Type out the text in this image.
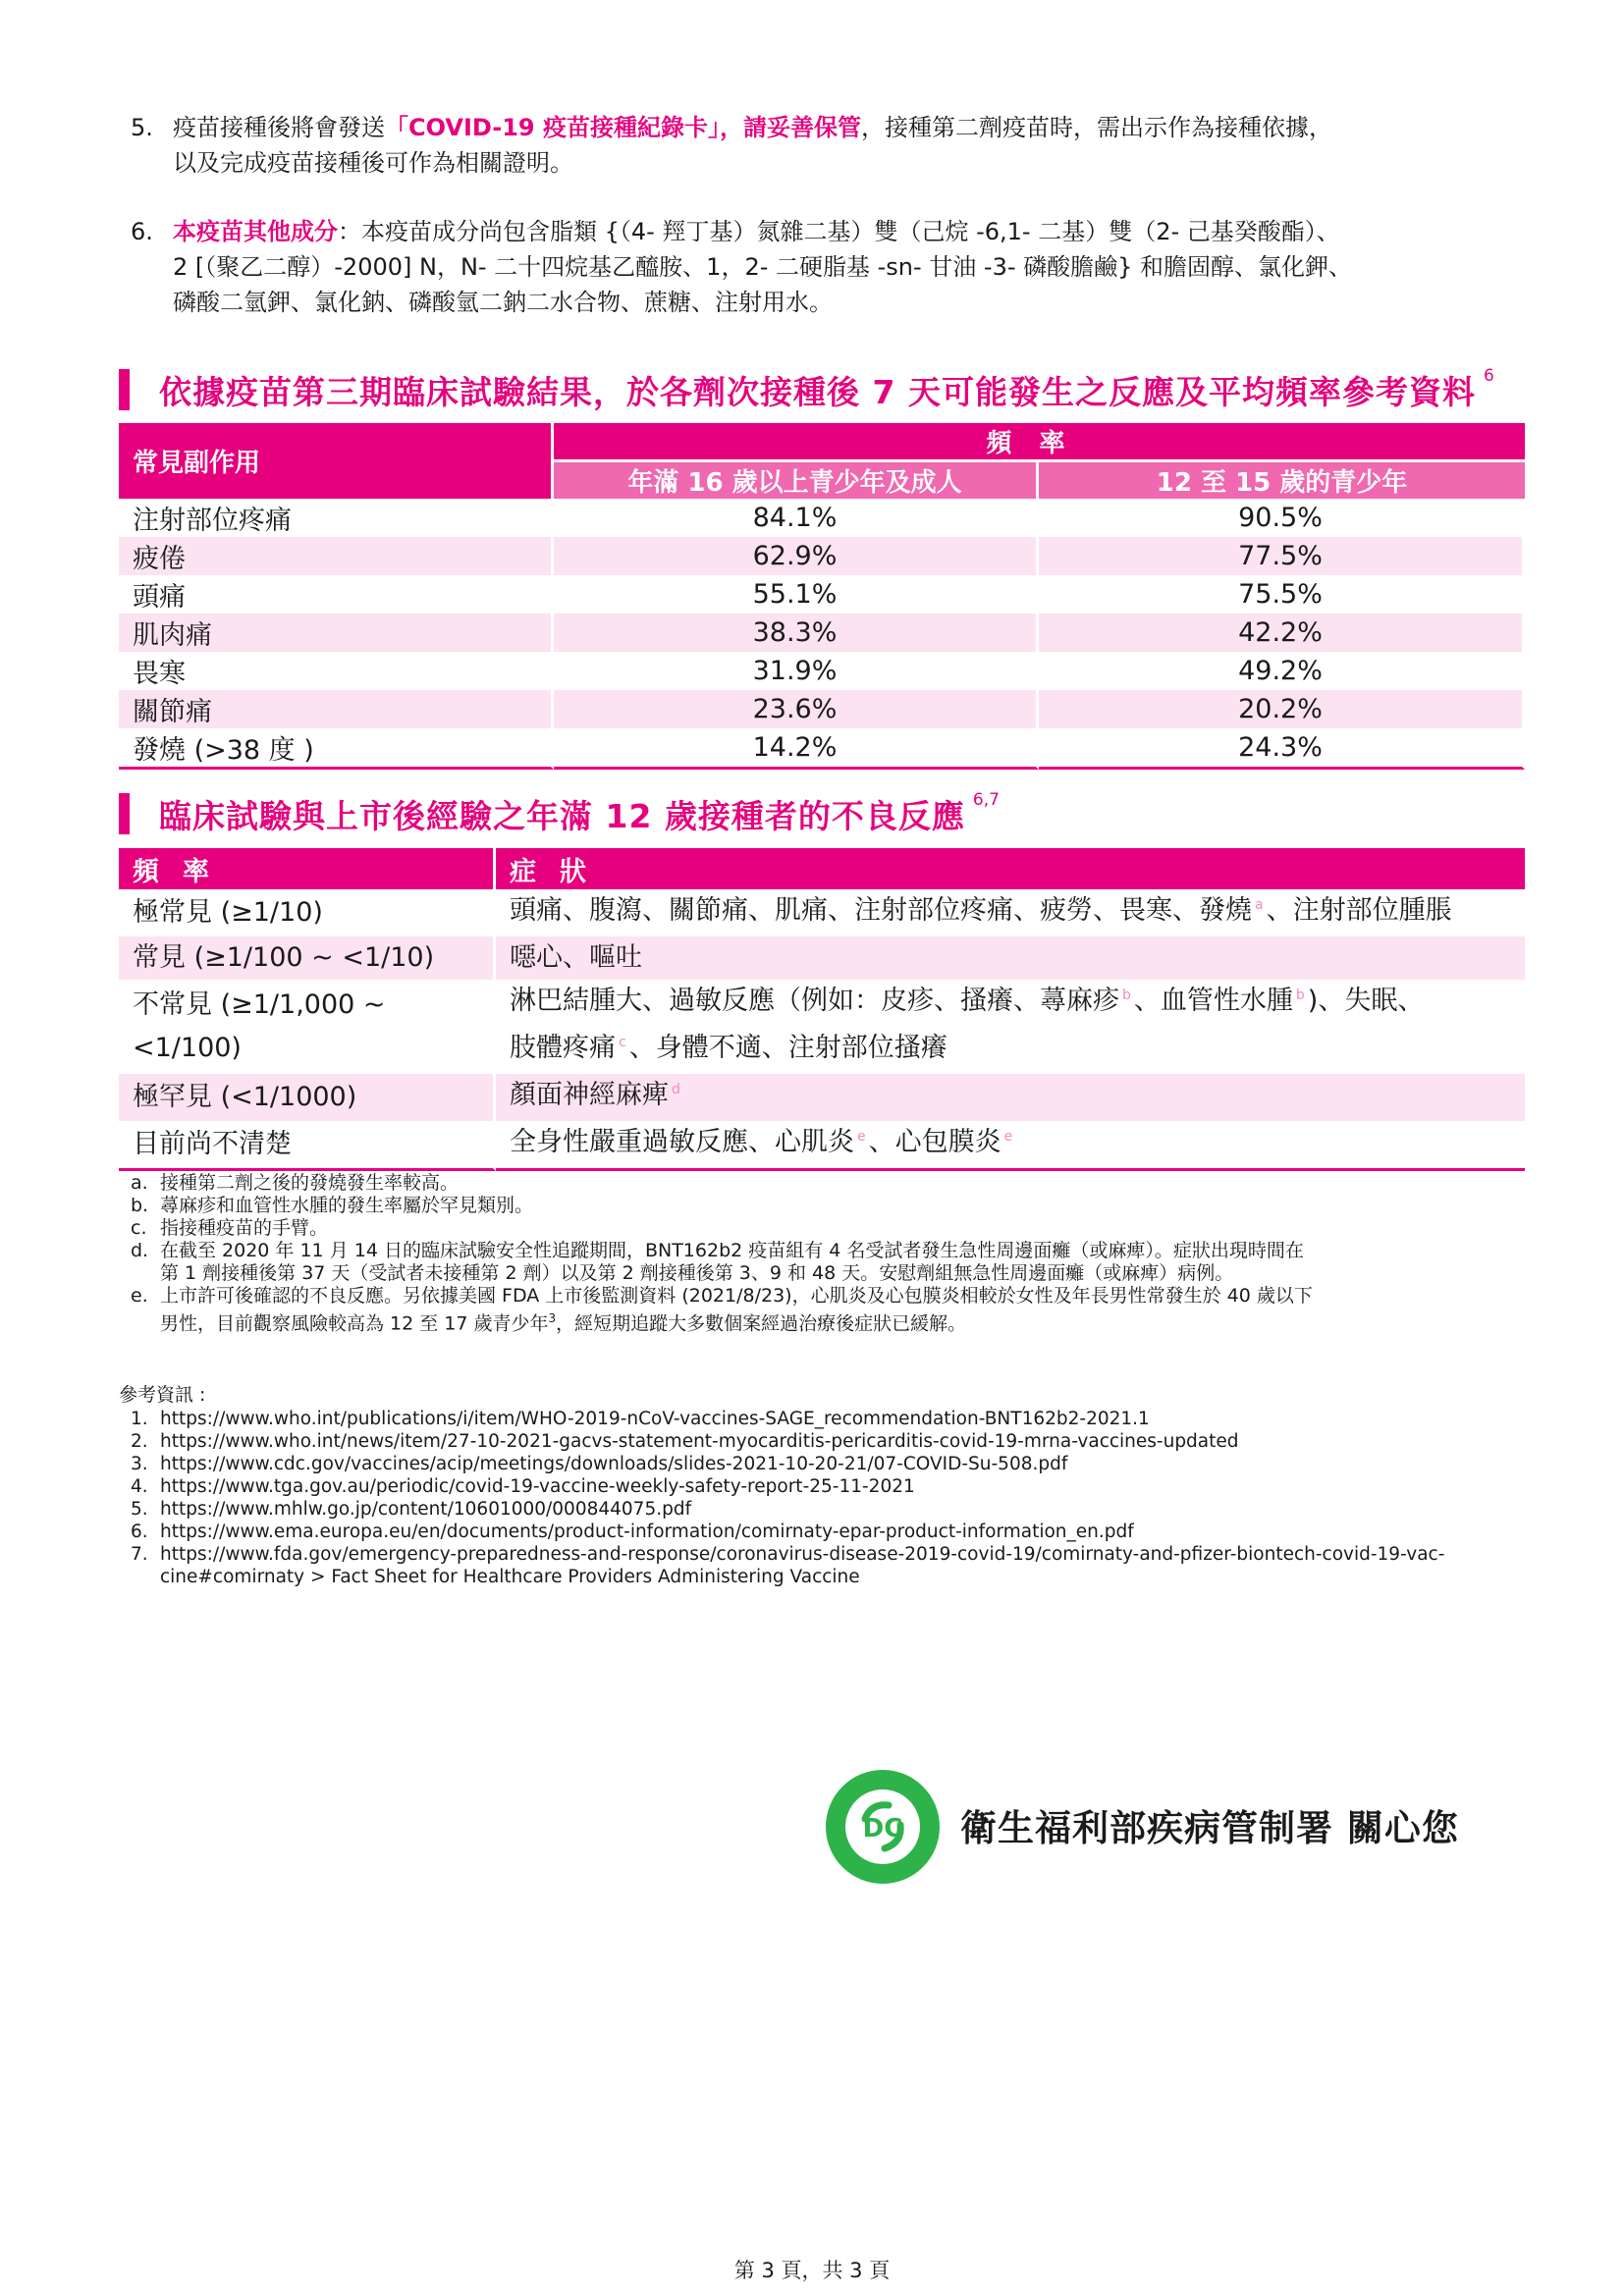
5. 疫苗接種後將會發送「COVID-19 疫苗接種紀錄卡」，請妥善保管，接種第二劑疫苗時，需出示作為接種依據，
以及完成疫苗接種後可作為相關證明。
6. 本疫苗其他成分：本疫苗成分尚包含脂類 {（4- 羥丁基）氮雜二基）雙（己烷 -6,1- 二基）雙（2- 己基癸酸酯）、
2 [（聚乙二醇）-2000] N，N- 二十四烷基乙醯胺、1，2- 二硬脂基 -sn- 甘油 -3- 磷酸膽鹼} 和膽固醇、氯化鉀、
磷酸二氫鉀、氯化鈉、磷酸氫二鈉二水合物、蔗糖、注射用水。
依據疫苗第三期臨床試驗結果，於各劑次接種後 7 天可能發生之反應及平均頻率參考資料 $^6$
常見副作用	頻率	
	年滿 16 歲以上青少年及成人	12 至 15 歲的青少年
注射部位疼痛	84.1%	90.5%
疲倦	62.9%	77.5%
頭痛	55.1%	75.5%
肌肉痛	38.3%	42.2%
畏寒	31.9%	49.2%
關節痛	23.6%	20.2%
發燒 (>38 度 )	14.2%	24.3%
臨床試驗與上市後經驗之年滿 12 歲接種者的不良反應 $^{6,7}$
頻率	症狀
極常見 (≥1/10)	頭痛、腹瀉、關節痛、肌痛、注射部位疼痛、疲勞、畏寒、發燒 $^a$ 、注射部位腫脹
常見 (≥1/100 ~ <1/10)	噁心、嘔吐
不常見 (≥1/1,000 ~ <1/100)	淋巴結腫大、過敏反應（例如：皮疹、搔癢、蕁麻疹 $^b$ 、血管性水腫 $^b$ )、失眠、
肢體疼痛 $^c$ 、身體不適、注射部位搔癢
極罕見 (<1/1000)	顏面神經麻痺 $^d$
目前尚不清楚	全身性嚴重過敏反應、心肌炎 $^e$ 、心包膜炎 $^e$
a. 接種第二劑之後的發燒發生率較高。
b. 蕁麻疹和血管性水腫的發生率屬於罕見類別。
c. 指接種疫苗的手臂。
d. 在截至 2020 年 11 月 14 日的臨床試驗安全性追蹤期間，BNT162b2 疫苗組有 4 名受試者發生急性周邊面癱（或麻痺）。症狀出現時間在
第 1 劑接種後第 37 天（受試者未接種第 2 劑）以及第 2 劑接種後第 3、9 和 48 天。安慰劑組無急性周邊面癱（或麻痺）病例。
e. 上市許可後確認的不良反應。另依據美國 FDA 上市後監測資料 (2021/8/23)，心肌炎及心包膜炎相較於女性及年長男性常發生於 40 歲以下
男性，目前觀察風險較高為 12 至 17 歲青少年$^3$，經短期追蹤大多數個案經過治療後症狀已緩解。
參考資訊 :
1. https://www.who.int/publications/i/item/WHO-2019-nCoV-vaccines-SAGE_recommendation-BNT162b2-2021.1
2. https://www.who.int/news/item/27-10-2021-gacvs-statement-myocarditis-pericarditis-covid-19-mrna-vaccines-updated
3. https://www.cdc.gov/vaccines/acip/meetings/downloads/slides-2021-10-20-21/07-COVID-Su-508.pdf
4. https://www.tga.gov.au/periodic/covid-19-vaccine-weekly-safety-report-25-11-2021
5. https://www.mhlw.go.jp/content/10601000/000844075.pdf
6. https://www.ema.europa.eu/en/documents/product-information/comirnaty-epar-product-information_en.pdf
7. https://www.fda.gov/emergency-preparedness-and-response/coronavirus-disease-2019-covid-19/comirnaty-and-pfizer-biontech-covid-19-vac-
cine#comirnaty > Fact Sheet for Healthcare Providers Administering Vaccine
DC 衛生福利部疾病管制署 關心您
第 3 頁，共 3 頁
